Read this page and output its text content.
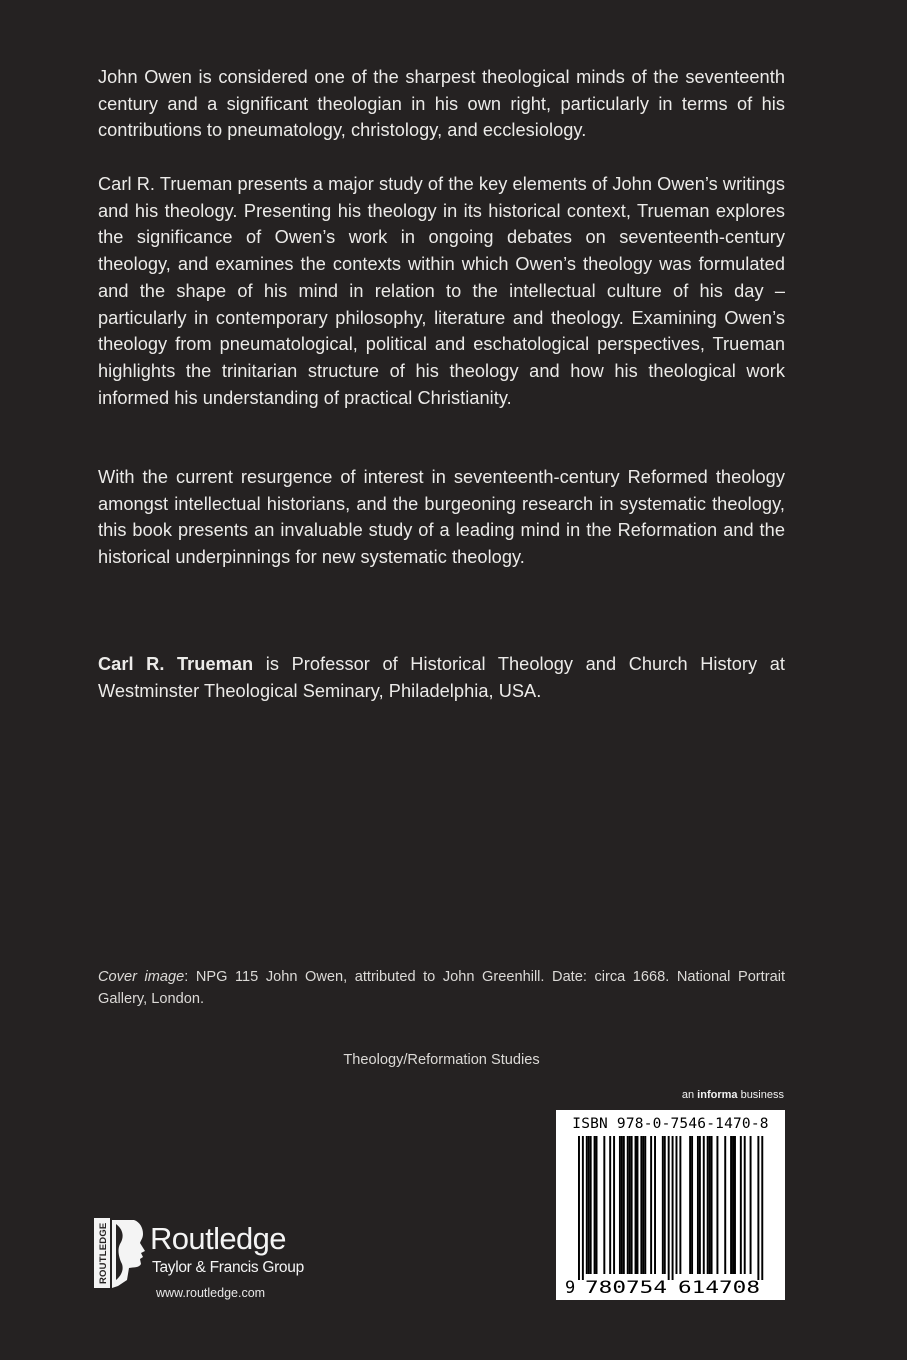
John Owen is considered one of the sharpest theological minds of the seventeenth century and a significant theologian in his own right, particularly in terms of his contributions to pneumatology, christology, and ecclesiology.

Carl R. Trueman presents a major study of the key elements of John Owen’s writings and his theology. Presenting his theology in its historical context, Trueman explores the significance of Owen’s work in ongoing debates on seventeenth-century theology, and examines the contexts within which Owen’s theology was formulated and the shape of his mind in relation to the intellectual culture of his day – particularly in contemporary philosophy, literature and theology. Examining Owen’s theology from pneumatological, political and eschatological perspectives, Trueman highlights the trinitarian structure of his theology and how his theological work informed his understanding of practical Christianity.

With the current resurgence of interest in seventeenth-century Reformed theology amongst intellectual historians, and the burgeoning research in systematic theology, this book presents an invaluable study of a leading mind in the Reformation and the historical underpinnings for new systematic theology.

Carl R. Trueman is Professor of Historical Theology and Church History at Westminster Theological Seminary, Philadelphia, USA.

Cover image: NPG 115 John Owen, attributed to John Greenhill. Date: circa 1668. National Portrait Gallery, London.

Theology/Reformation Studies
an informa business
ISBN 978-0-7546-1470-8
9 780754 614708
ROUTLEDGE Routledge
Taylor & Francis Group
www.routledge.com
